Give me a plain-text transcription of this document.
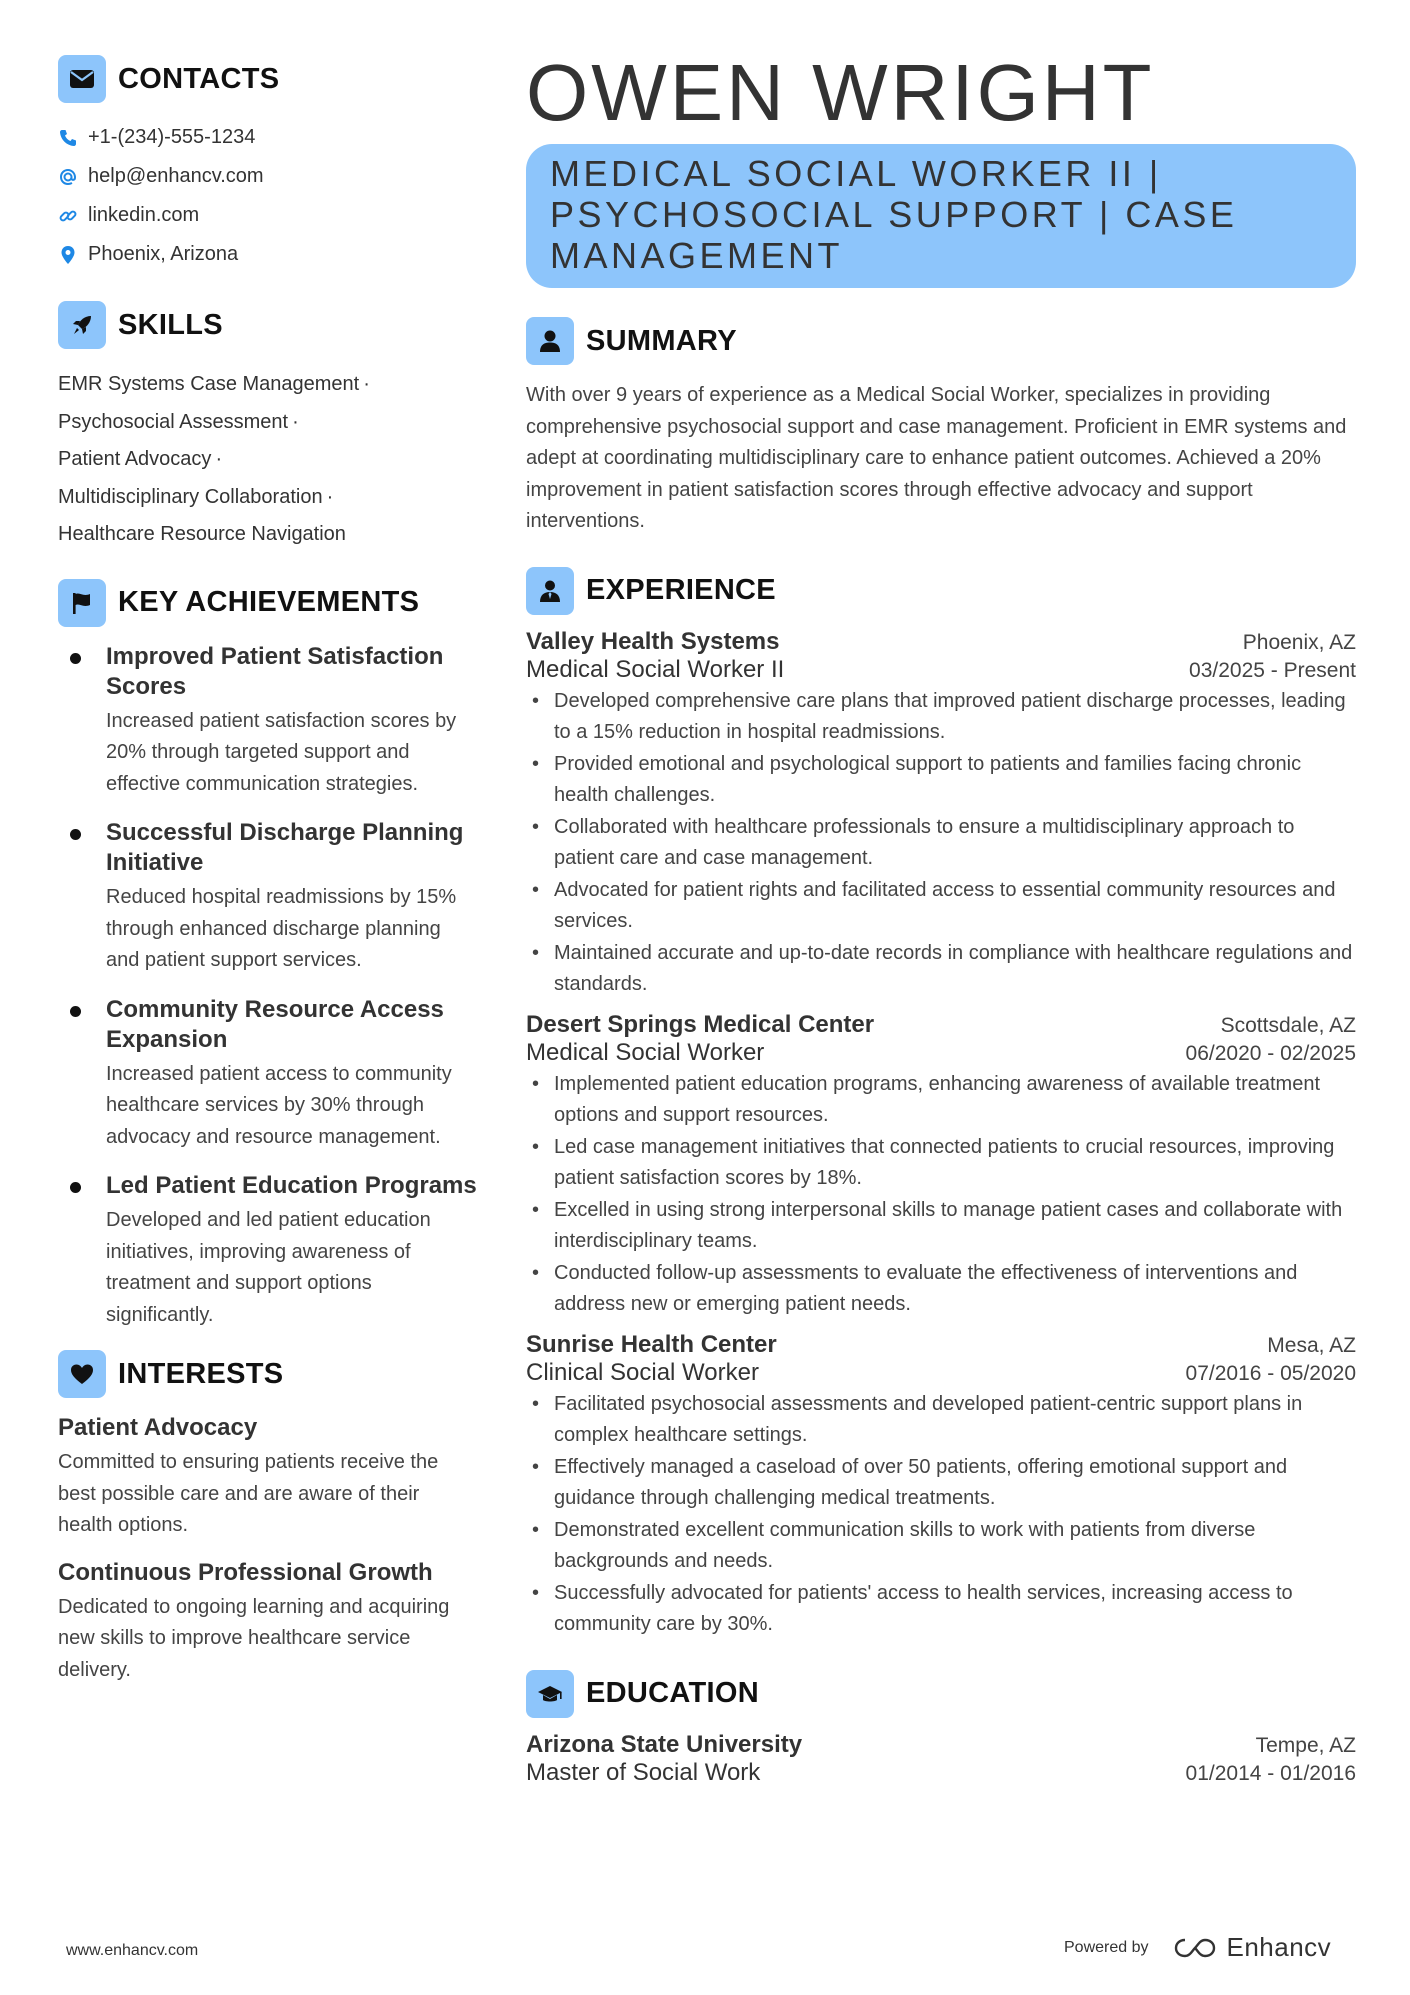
CONTACTS
+1-(234)-555-1234
help@enhancv.com
linkedin.com
Phoenix, Arizona
SKILLS
EMR Systems Case Management ·
Psychosocial Assessment ·
Patient Advocacy ·
Multidisciplinary Collaboration ·
Healthcare Resource Navigation
KEY ACHIEVEMENTS
Improved Patient Satisfaction Scores
Increased patient satisfaction scores by 20% through targeted support and effective communication strategies.
Successful Discharge Planning Initiative
Reduced hospital readmissions by 15% through enhanced discharge planning and patient support services.
Community Resource Access Expansion
Increased patient access to community healthcare services by 30% through advocacy and resource management.
Led Patient Education Programs
Developed and led patient education initiatives, improving awareness of treatment and support options significantly.
INTERESTS
Patient Advocacy
Committed to ensuring patients receive the best possible care and are aware of their health options.
Continuous Professional Growth
Dedicated to ongoing learning and acquiring new skills to improve healthcare service delivery.
OWEN WRIGHT
MEDICAL SOCIAL WORKER II | PSYCHOSOCIAL SUPPORT | CASE MANAGEMENT
SUMMARY
With over 9 years of experience as a Medical Social Worker, specializes in providing comprehensive psychosocial support and case management. Proficient in EMR systems and adept at coordinating multidisciplinary care to enhance patient outcomes. Achieved a 20% improvement in patient satisfaction scores through effective advocacy and support interventions.
EXPERIENCE
Valley Health Systems	Phoenix, AZ
Medical Social Worker II	03/2025 - Present
• Developed comprehensive care plans that improved patient discharge processes, leading to a 15% reduction in hospital readmissions.
• Provided emotional and psychological support to patients and families facing chronic health challenges.
• Collaborated with healthcare professionals to ensure a multidisciplinary approach to patient care and case management.
• Advocated for patient rights and facilitated access to essential community resources and services.
• Maintained accurate and up-to-date records in compliance with healthcare regulations and standards.
Desert Springs Medical Center	Scottsdale, AZ
Medical Social Worker	06/2020 - 02/2025
• Implemented patient education programs, enhancing awareness of available treatment options and support resources.
• Led case management initiatives that connected patients to crucial resources, improving patient satisfaction scores by 18%.
• Excelled in using strong interpersonal skills to manage patient cases and collaborate with interdisciplinary teams.
• Conducted follow-up assessments to evaluate the effectiveness of interventions and address new or emerging patient needs.
Sunrise Health Center	Mesa, AZ
Clinical Social Worker	07/2016 - 05/2020
• Facilitated psychosocial assessments and developed patient-centric support plans in complex healthcare settings.
• Effectively managed a caseload of over 50 patients, offering emotional support and guidance through challenging medical treatments.
• Demonstrated excellent communication skills to work with patients from diverse backgrounds and needs.
• Successfully advocated for patients' access to health services, increasing access to community care by 30%.
EDUCATION
Arizona State University	Tempe, AZ
Master of Social Work	01/2014 - 01/2016
www.enhancv.com	Powered by	Enhancv
